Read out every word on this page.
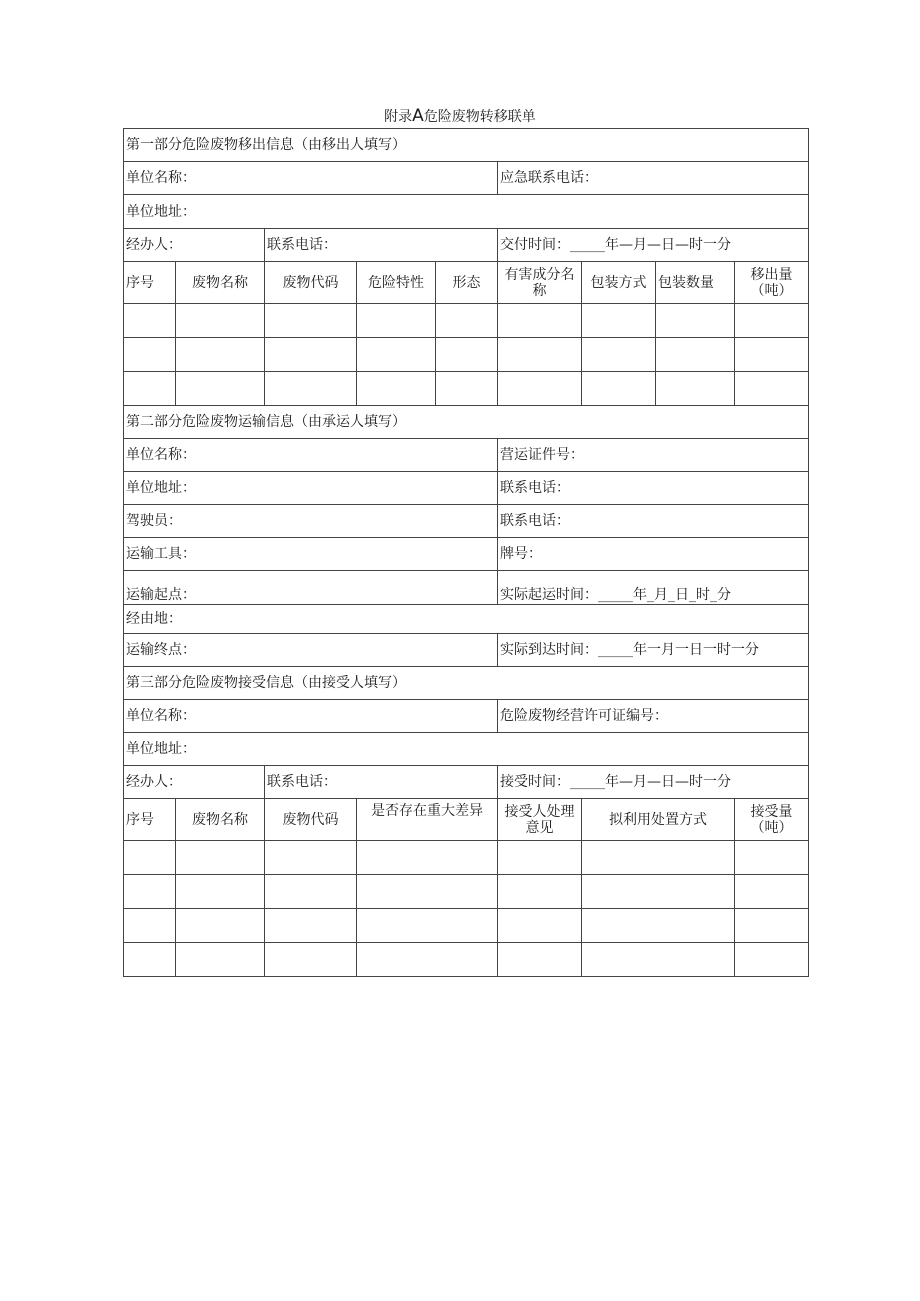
附录A危险废物转移联单
第一部分危险废物移出信息（由移出人填写）								
单位名称：					应急联系电话：			
单位地址：								
经办人：		联系电话：			交付时间：_____年—月—日—时一分			
序号	废物名称	废物代码	危险特性	形态	有害成分名称	包装方式	包装数量	移出量（吨）

第二部分危险废物运输信息（由承运人填写）								
单位名称：					营运证件号：			
单位地址：					联系电话：			
驾驶员：					联系电话：			
运输工具：					牌号：			
运输起点：					实际起运时间：_____年_月_日_时_分			
经由地：								
运输终点：					实际到达时间：_____年一月一日一时一分			
第三部分危险废物接受信息（由接受人填写）								
单位名称：					危险废物经营许可证编号：			
单位地址：								
经办人：		联系电话：			接受时间：_____年—月—日—时一分			
序号	废物名称	废物代码	是否存在重大差异		接受人处理意见	拟利用处置方式		接受量（吨）
